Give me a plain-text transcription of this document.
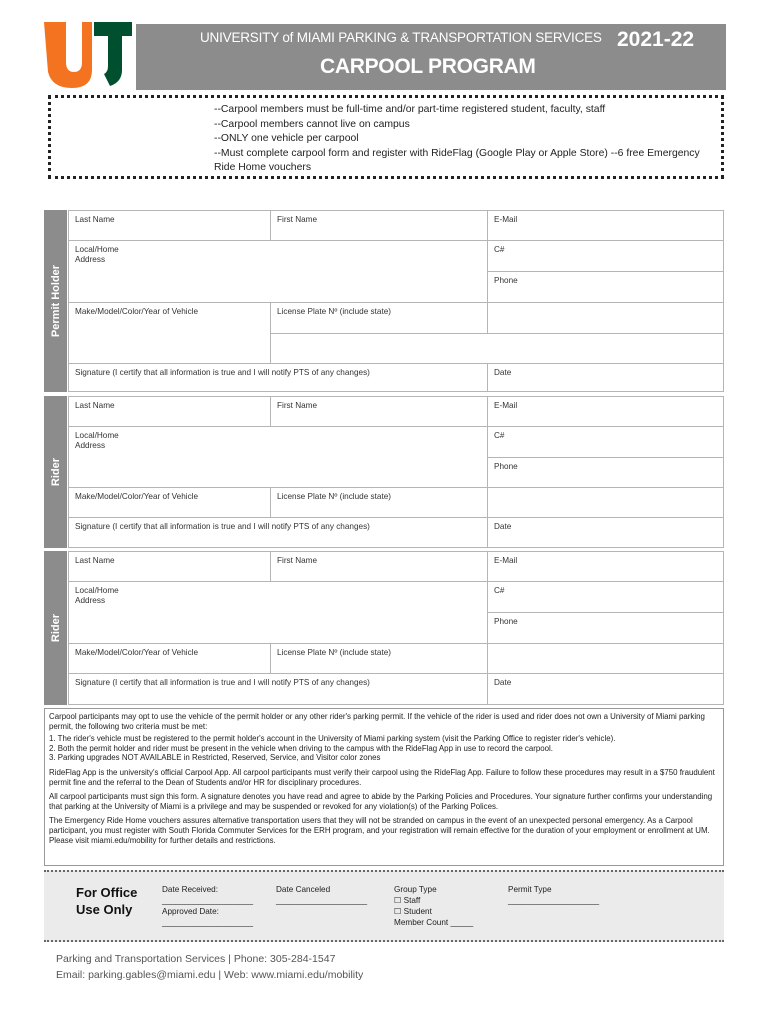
UNIVERSITY of MIAMI PARKING & TRANSPORTATION SERVICES 2021-22
CARPOOL PROGRAM
--Carpool members must be full-time and/or part-time registered student, faculty, staff
--Carpool members cannot live on campus
--ONLY one vehicle per carpool
--Must complete carpool form and register with RideFlag (Google Play or Apple Store) --6 free Emergency Ride Home vouchers
Permit Holder
Last Name	First Name	E-Mail
Local/Home
Address
C#
Phone
Make/Model/Color/Year of Vehicle	License Plate Nº (include state)
Signature (I certify that all information is true and I will notify PTS of any changes)	Date
Rider
Last Name	First Name	E-Mail
Local/Home
Address
C#
Phone
Make/Model/Color/Year of Vehicle	License Plate Nº (include state)
Signature (I certify that all information is true and I will notify PTS of any changes)	Date
Rider
Last Name	First Name	E-Mail
Local/Home
Address
C#
Phone
Make/Model/Color/Year of Vehicle	License Plate Nº (include state)
Signature (I certify that all information is true and I will notify PTS of any changes)	Date

Carpool participants may opt to use the vehicle of the permit holder or any other rider's parking permit. If the vehicle of the rider is used and rider does not own a University of Miami parking permit, the following two criteria must be met:

1. The rider's vehicle must be registered to the permit holder's account in the University of Miami parking system (visit the Parking Office to register rider's vehicle).
2. Both the permit holder and rider must be present in the vehicle when driving to the campus with the RideFlag App in use to record the carpool.
3. Parking upgrades NOT AVAILABLE in Restricted, Reserved, Service, and Visitor color zones

RideFlag App is the university's official Carpool App. All carpool participants must verify their carpool using the RideFlag App. Failure to follow these procedures may result in a $750 fraudulent permit fine and the referral to the Dean of Students and/or HR for disciplinary procedures.

All carpool participants must sign this form. A signature denotes you have read and agree to abide by the Parking Policies and Procedures. Your signature further confirms your understanding that parking at the University of Miami is a privilege and may be suspended or revoked for any violation(s) of the Parking Polices.

The Emergency Ride Home vouchers assures alternative transportation users that they will not be stranded on campus in the event of an unexpected personal emergency. As a Carpool participant, you must register with South Florida Commuter Services for the ERH program, and your registration will remain effective for the duration of your employment or enrollment at UM. Please visit miami.edu/mobility for further details and restrictions.

For Office
Use Only
Date Received:
____________________
Approved Date:
____________________
Date Canceled
____________________
Group Type
☐ Staff
☐ Student
Member Count _____
Permit Type
____________________
Parking and Transportation Services | Phone: 305-284-1547
Email: parking.gables@miami.edu | Web: www.miami.edu/mobility
